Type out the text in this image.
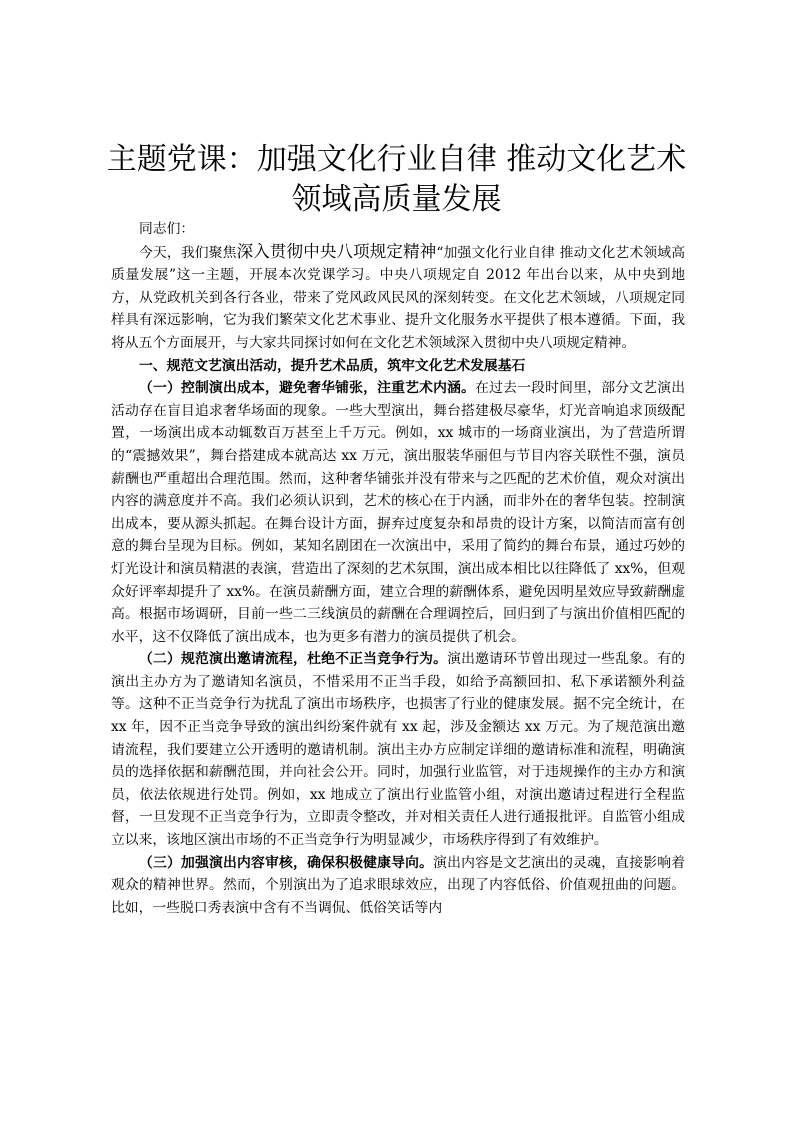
主题党课：加强文化行业自律 推动文化艺术
领域高质量发展

同志们：

今天，我们聚焦深入贯彻中央八项规定精神“加强文化行业自律 推动文化艺术领域高质量发展”这一主题，开展本次党课学习。中央八项规定自 2012 年出台以来，从中央到地方，从党政机关到各行各业，带来了党风政风民风的深刻转变。在文化艺术领域，八项规定同样具有深远影响，它为我们繁荣文化艺术事业、提升文化服务水平提供了根本遵循。下面，我将从五个方面展开，与大家共同探讨如何在文化艺术领域深入贯彻中央八项规定精神。

一、规范文艺演出活动，提升艺术品质，筑牢文化艺术发展基石

（一）控制演出成本，避免奢华铺张，注重艺术内涵。在过去一段时间里，部分文艺演出活动存在盲目追求奢华场面的现象。一些大型演出，舞台搭建极尽豪华，灯光音响追求顶级配置，一场演出成本动辄数百万甚至上千万元。例如，xx 城市的一场商业演出，为了营造所谓的“震撼效果”，舞台搭建成本就高达 xx 万元，演出服装华丽但与节目内容关联性不强，演员薪酬也严重超出合理范围。然而，这种奢华铺张并没有带来与之匹配的艺术价值，观众对演出内容的满意度并不高。我们必须认识到，艺术的核心在于内涵，而非外在的奢华包装。控制演出成本，要从源头抓起。在舞台设计方面，摒弃过度复杂和昂贵的设计方案，以简洁而富有创意的舞台呈现为目标。例如，某知名剧团在一次演出中，采用了简约的舞台布景，通过巧妙的灯光设计和演员精湛的表演，营造出了深刻的艺术氛围，演出成本相比以往降低了 xx%，但观众好评率却提升了 xx%。在演员薪酬方面，建立合理的薪酬体系，避免因明星效应导致薪酬虚高。根据市场调研，目前一些二三线演员的薪酬在合理调控后，回归到了与演出价值相匹配的水平，这不仅降低了演出成本，也为更多有潜力的演员提供了机会。

（二）规范演出邀请流程，杜绝不正当竞争行为。演出邀请环节曾出现过一些乱象。有的演出主办方为了邀请知名演员，不惜采用不正当手段，如给予高额回扣、私下承诺额外利益等。这种不正当竞争行为扰乱了演出市场秩序，也损害了行业的健康发展。据不完全统计，在 xx 年，因不正当竞争导致的演出纠纷案件就有 xx 起，涉及金额达 xx 万元。为了规范演出邀请流程，我们要建立公开透明的邀请机制。演出主办方应制定详细的邀请标准和流程，明确演员的选择依据和薪酬范围，并向社会公开。同时，加强行业监管，对于违规操作的主办方和演员，依法依规进行处罚。例如，xx 地成立了演出行业监管小组，对演出邀请过程进行全程监督，一旦发现不正当竞争行为，立即责令整改，并对相关责任人进行通报批评。自监管小组成立以来，该地区演出市场的不正当竞争行为明显减少，市场秩序得到了有效维护。

（三）加强演出内容审核，确保积极健康导向。演出内容是文艺演出的灵魂，直接影响着观众的精神世界。然而，个别演出为了追求眼球效应，出现了内容低俗、价值观扭曲的问题。比如，一些脱口秀表演中含有不当调侃、低俗笑话等内
